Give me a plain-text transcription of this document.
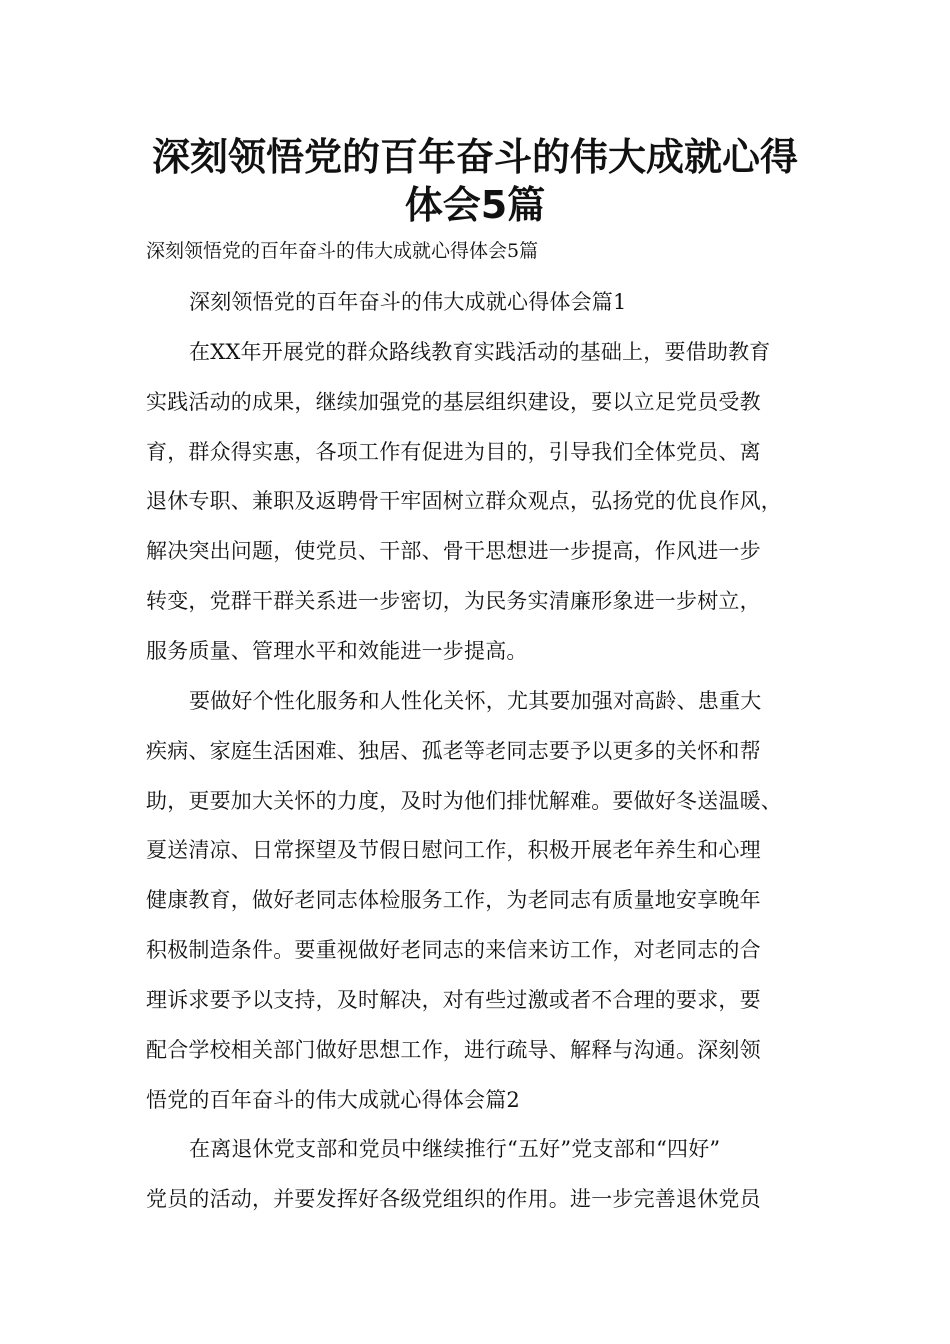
深刻领悟党的百年奋斗的伟大成就心得
体会5篇
深刻领悟党的百年奋斗的伟大成就心得体会5篇
深刻领悟党的百年奋斗的伟大成就心得体会篇1
在XX年开展党的群众路线教育实践活动的基础上，要借助教育
实践活动的成果，继续加强党的基层组织建设，要以立足党员受教
育，群众得实惠，各项工作有促进为目的，引导我们全体党员、离
退休专职、兼职及返聘骨干牢固树立群众观点，弘扬党的优良作风，
解决突出问题，使党员、干部、骨干思想进一步提高，作风进一步
转变，党群干群关系进一步密切，为民务实清廉形象进一步树立，
服务质量、管理水平和效能进一步提高。
要做好个性化服务和人性化关怀，尤其要加强对高龄、患重大
疾病、家庭生活困难、独居、孤老等老同志要予以更多的关怀和帮
助，更要加大关怀的力度，及时为他们排忧解难。要做好冬送温暖、
夏送清凉、日常探望及节假日慰问工作，积极开展老年养生和心理
健康教育，做好老同志体检服务工作，为老同志有质量地安享晚年
积极制造条件。要重视做好老同志的来信来访工作，对老同志的合
理诉求要予以支持，及时解决，对有些过激或者不合理的要求，要
配合学校相关部门做好思想工作，进行疏导、解释与沟通。深刻领
悟党的百年奋斗的伟大成就心得体会篇2
在离退休党支部和党员中继续推行“五好”党支部和“四好”
党员的活动，并要发挥好各级党组织的作用。进一步完善退休党员
